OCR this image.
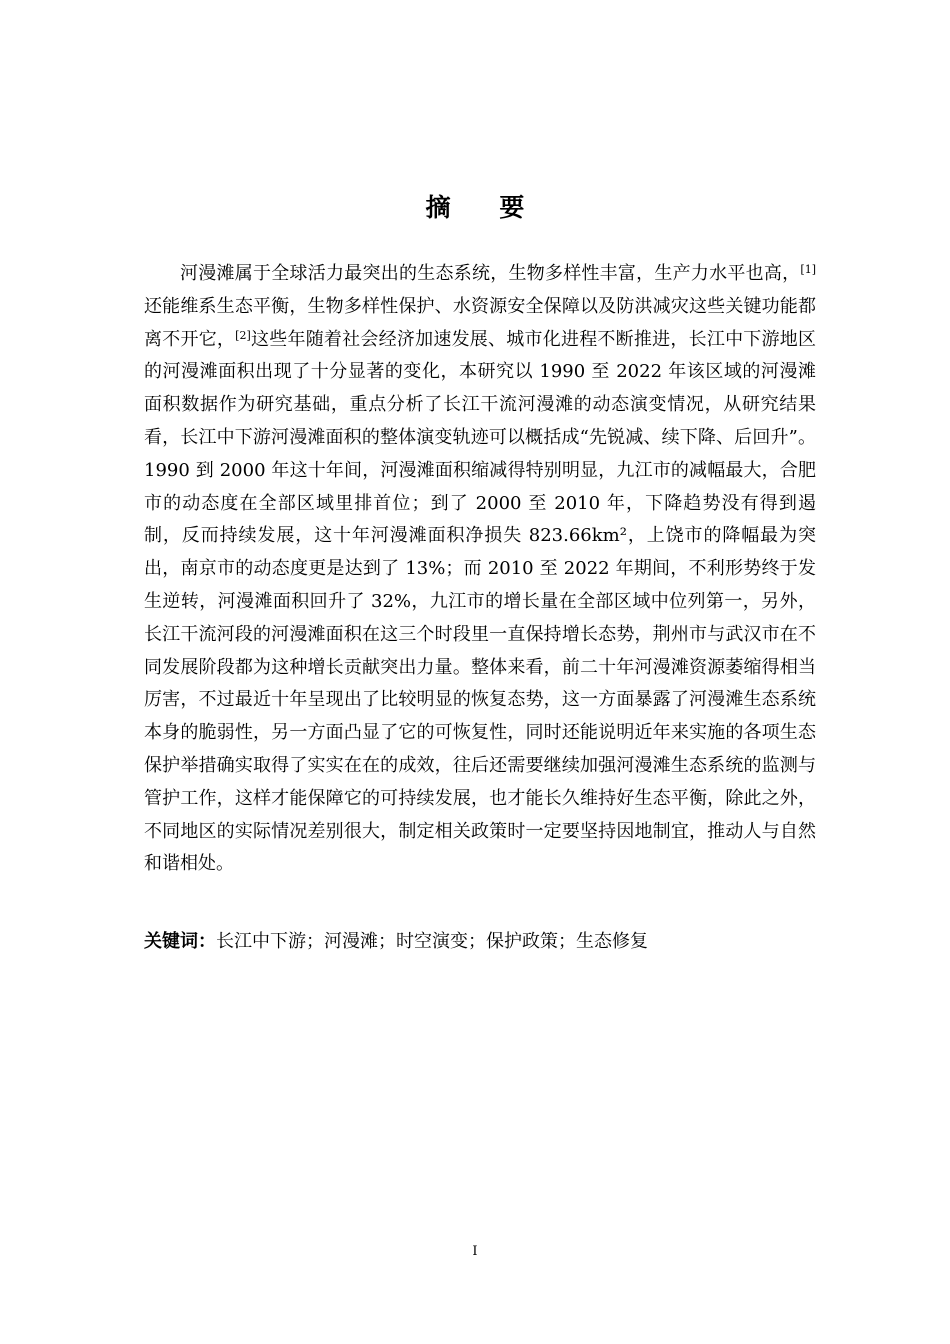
摘 要

河漫滩属于全球活力最突出的生态系统，生物多样性丰富，生产力水平也高，[1]还能维系生态平衡，生物多样性保护、水资源安全保障以及防洪减灾这些关键功能都离不开它，[2]这些年随着社会经济加速发展、城市化进程不断推进，长江中下游地区的河漫滩面积出现了十分显著的变化，本研究以 1990 至 2022 年该区域的河漫滩面积数据作为研究基础，重点分析了长江干流河漫滩的动态演变情况，从研究结果看，长江中下游河漫滩面积的整体演变轨迹可以概括成“先锐减、续下降、后回升”。1990 到 2000 年这十年间，河漫滩面积缩减得特别明显，九江市的减幅最大，合肥市的动态度在全部区域里排首位；到了 2000 至 2010 年，下降趋势没有得到遏制，反而持续发展，这十年河漫滩面积净损失 823.66km²，上饶市的降幅最为突出，南京市的动态度更是达到了 13%；而 2010 至 2022 年期间，不利形势终于发生逆转，河漫滩面积回升了 32%，九江市的增长量在全部区域中位列第一，另外，长江干流河段的河漫滩面积在这三个时段里一直保持增长态势，荆州市与武汉市在不同发展阶段都为这种增长贡献突出力量。整体来看，前二十年河漫滩资源萎缩得相当厉害，不过最近十年呈现出了比较明显的恢复态势，这一方面暴露了河漫滩生态系统本身的脆弱性，另一方面凸显了它的可恢复性，同时还能说明近年来实施的各项生态保护举措确实取得了实实在在的成效，往后还需要继续加强河漫滩生态系统的监测与管护工作，这样才能保障它的可持续发展，也才能长久维持好生态平衡，除此之外，不同地区的实际情况差别很大，制定相关政策时一定要坚持因地制宜，推动人与自然和谐相处。

关键词：长江中下游；河漫滩；时空演变；保护政策；生态修复

I
